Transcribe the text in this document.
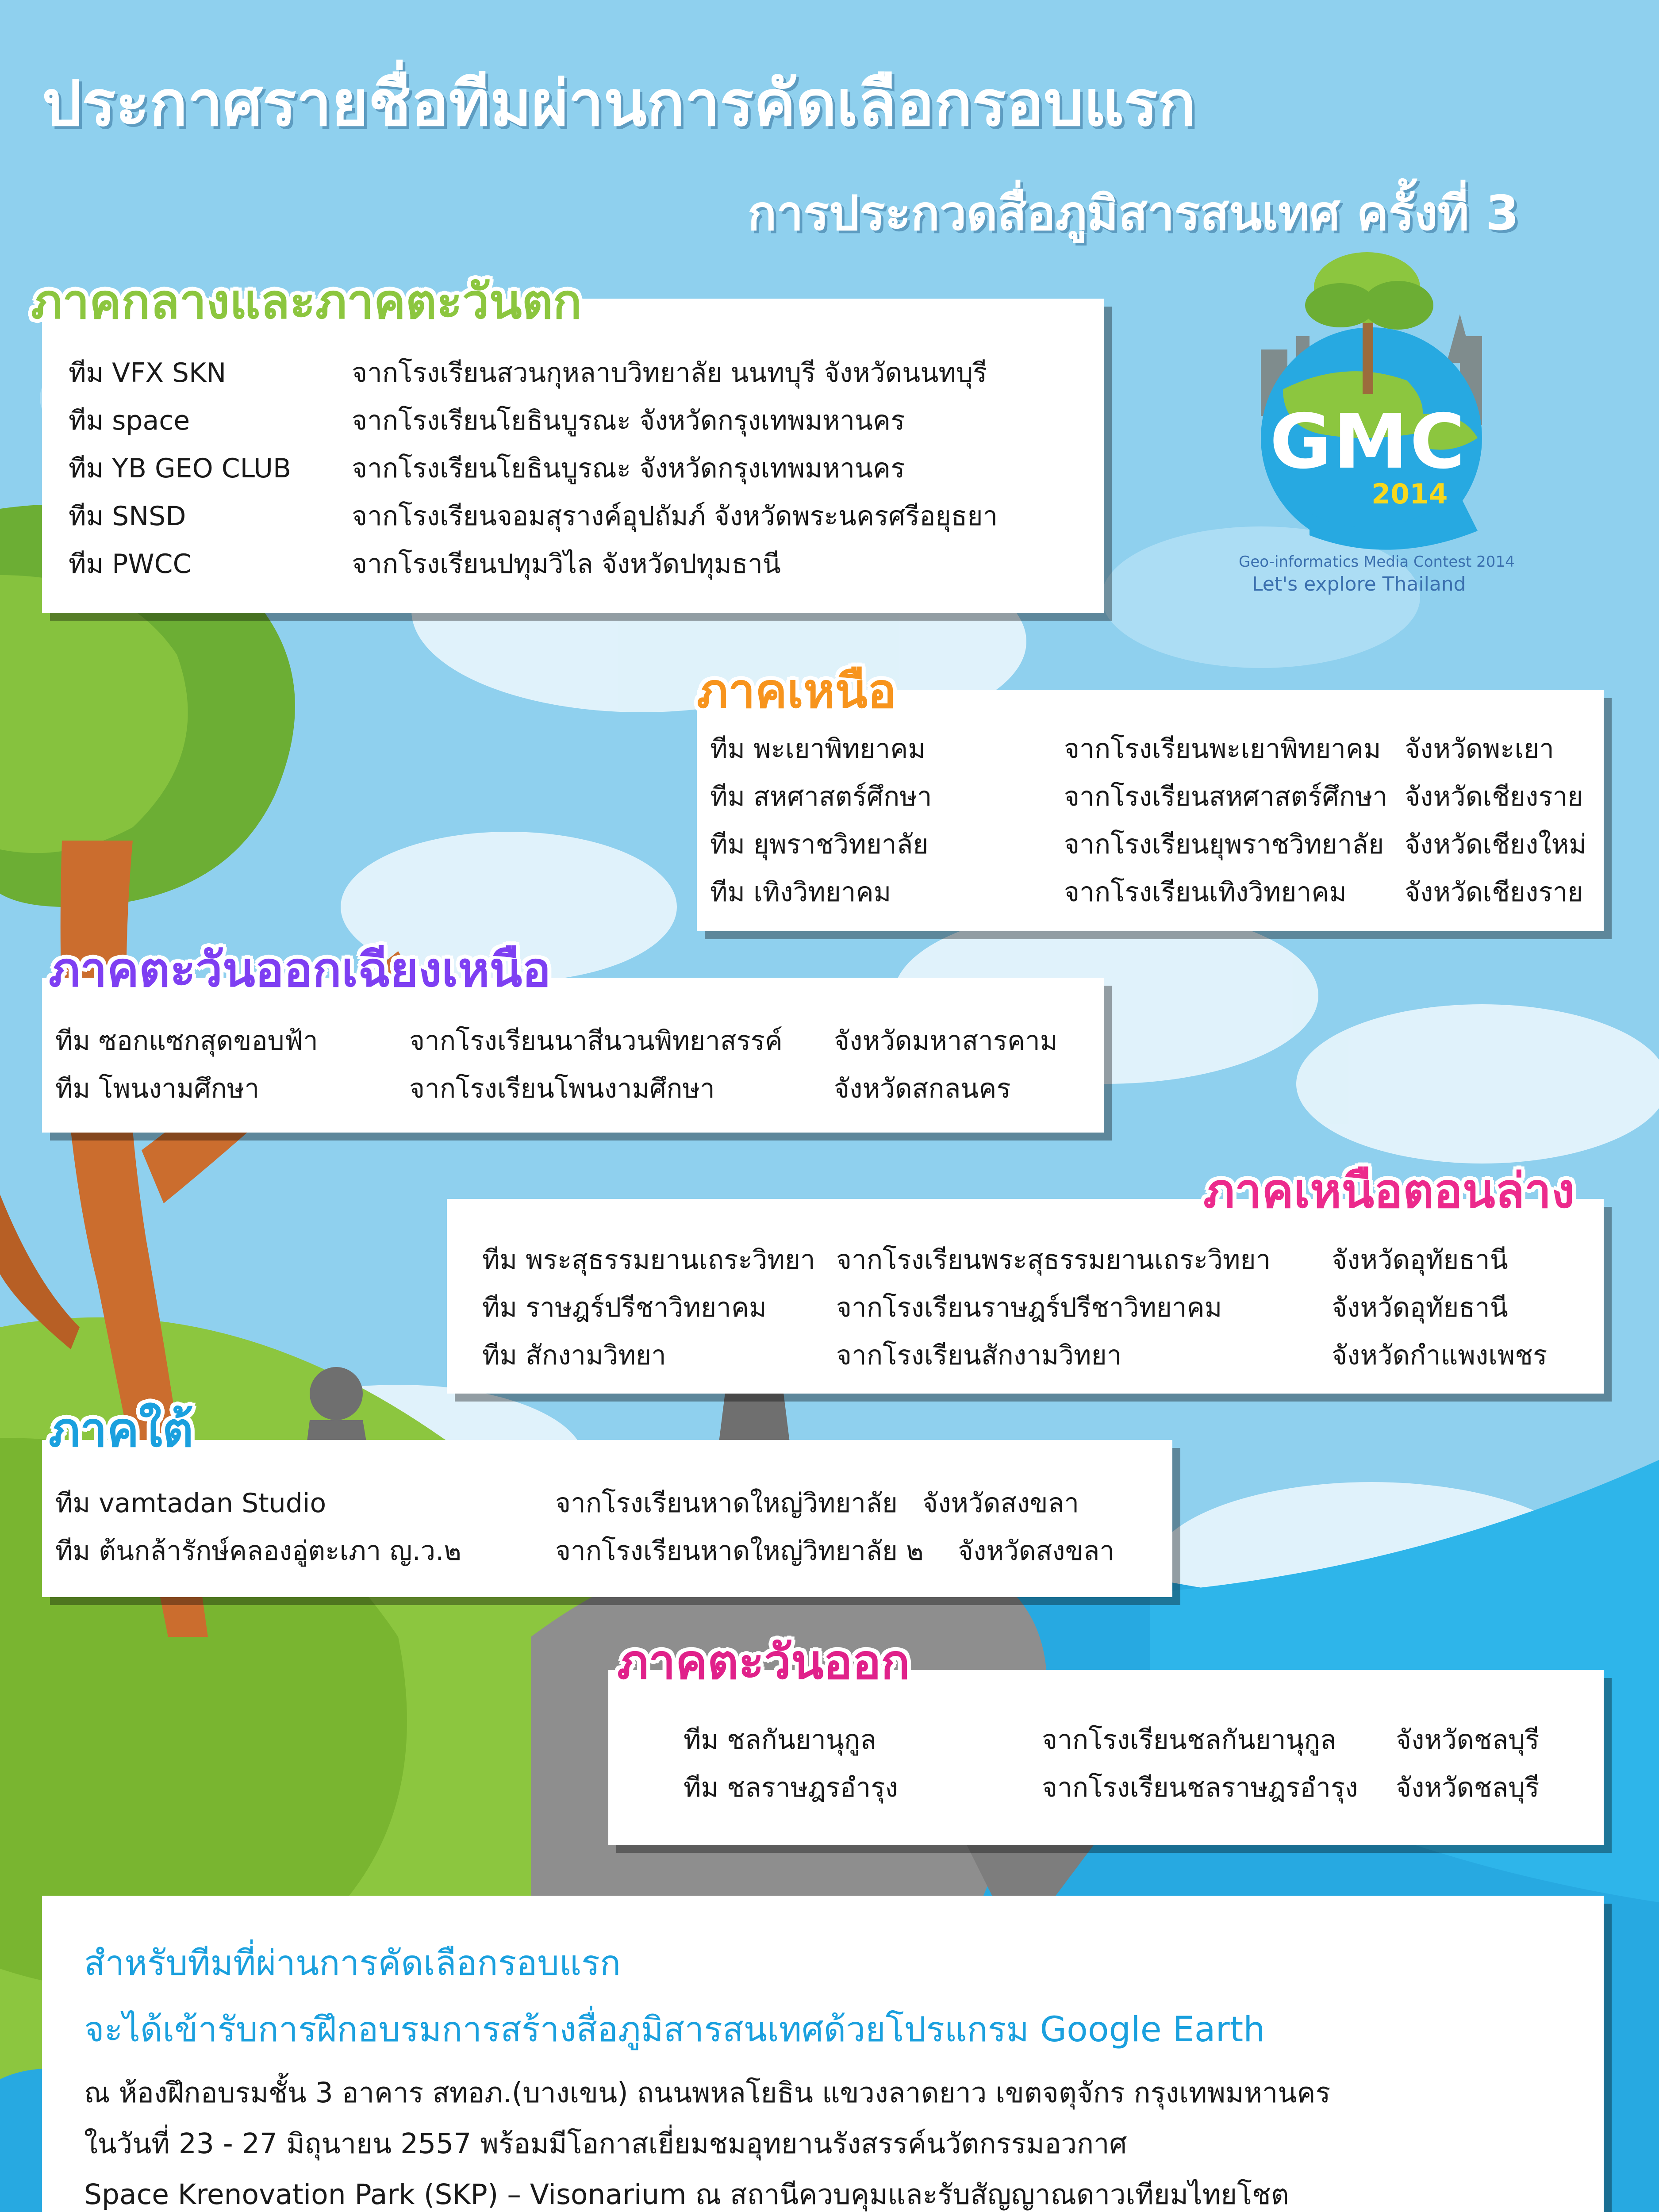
ประกาศรายชื่อทีมผ่านการคัดเลือกรอบแรก
การประกวดสื่อภูมิสารสนเทศ ครั้งที่ 3
GMC
2014
Geo-informatics Media Contest 2014
Let's explore Thailand
ทีม VFX SKN	จากโรงเรียนสวนกุหลาบวิทยาลัย นนทบุรี จังหวัดนนทบุรี
ทีม space	จากโรงเรียนโยธินบูรณะ จังหวัดกรุงเทพมหานคร
ทีม YB GEO CLUB จากโรงเรียนโยธินบูรณะ จังหวัดกรุงเทพมหานคร
ทีม SNSD	จากโรงเรียนจอมสุรางค์อุปถัมภ์ จังหวัดพระนครศรีอยุธยา
ทีม PWCC	จากโรงเรียนปทุมวิไล จังหวัดปทุมธานี
ภาคกลางและภาคตะวันตก
ทีม พะเยาพิทยาคม	จากโรงเรียนพะเยาพิทยาคม จังหวัดพะเยา
ทีม สหศาสตร์ศึกษา	จากโรงเรียนสหศาสตร์ศึกษา จังหวัดเชียงราย
ทีม ยุพราชวิทยาลัย	จากโรงเรียนยุพราชวิทยาลัย จังหวัดเชียงใหม่
ทีม เทิงวิทยาคม	จากโรงเรียนเทิงวิทยาคม จังหวัดเชียงราย
ภาคเหนือ
ทีม ซอกแซกสุดขอบฟ้า	จากโรงเรียนนาสีนวนพิทยาสรรค์ จังหวัดมหาสารคาม
ทีม โพนงามศึกษา	จากโรงเรียนโพนงามศึกษา	จังหวัดสกลนคร
ภาคตะวันออกเฉียงเหนือ
ทีม พระสุธรรมยานเถระวิทยา จากโรงเรียนพระสุธรรมยานเถระวิทยา จังหวัดอุทัยธานี
ทีม ราษฎร์ปรีชาวิทยาคม	จากโรงเรียนราษฎร์ปรีชาวิทยาคม	จังหวัดอุทัยธานี
ทีม สักงามวิทยา	จากโรงเรียนสักงามวิทยา	จังหวัดกำแพงเพชร
ภาคเหนือตอนล่าง
ทีม vamtadan Studio	จากโรงเรียนหาดใหญ่วิทยาลัย จังหวัดสงขลา
ทีม ต้นกล้ารักษ์คลองอู่ตะเภา ญ.ว.๒	จากโรงเรียนหาดใหญ่วิทยาลัย ๒ จังหวัดสงขลา
ภาคใต้
ทีม ชลกันยานุกูล	จากโรงเรียนชลกันยานุกูล จังหวัดชลบุรี
ทีม ชลราษฎรอำรุง	จากโรงเรียนชลราษฎรอำรุง จังหวัดชลบุรี
ภาคตะวันออก
สำหรับทีมที่ผ่านการคัดเลือกรอบแรก
จะได้เข้ารับการฝึกอบรมการสร้างสื่อภูมิสารสนเทศด้วยโปรแกรม Google Earth
ณ ห้องฝึกอบรมชั้น 3 อาคาร สทอภ.(บางเขน) ถนนพหลโยธิน แขวงลาดยาว เขตจตุจักร กรุงเทพมหานคร
ในวันที่ 23 - 27 มิถุนายน 2557 พร้อมมีโอกาสเยี่ยมชมอุทยานรังสรรค์นวัตกรรมอวกาศ
Space Krenovation Park (SKP) – Visonarium ณ สถานีควบคุมและรับสัญญาณดาวเทียมไทยโชต
